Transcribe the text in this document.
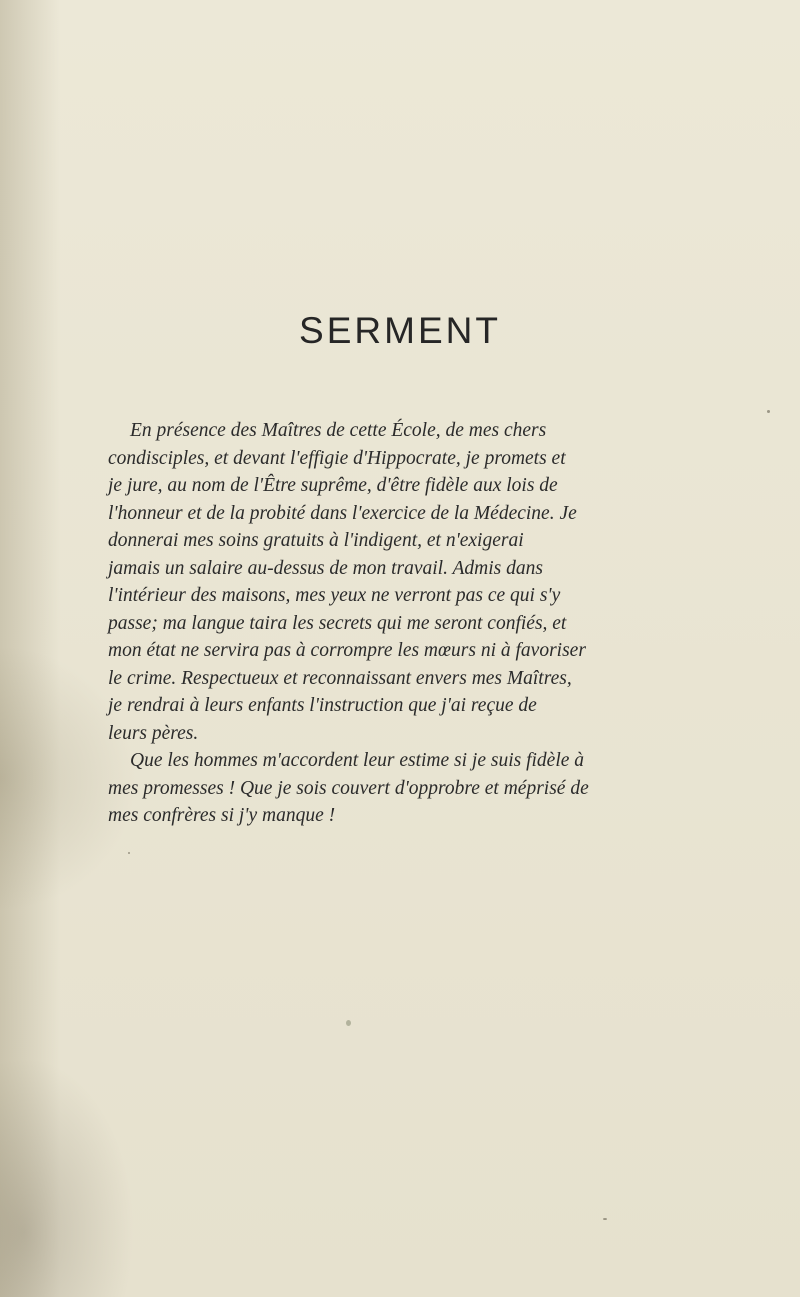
SERMENT

En présence des Maîtres de cette École, de mes chers
condisciples, et devant l'effigie d'Hippocrate, je promets et
je jure, au nom de l'Être suprême, d'être fidèle aux lois de
l'honneur et de la probité dans l'exercice de la Médecine. Je
donnerai mes soins gratuits à l'indigent, et n'exigerai
jamais un salaire au-dessus de mon travail. Admis dans
l'intérieur des maisons, mes yeux ne verront pas ce qui s'y
passe; ma langue taira les secrets qui me seront confiés, et
mon état ne servira pas à corrompre les mœurs ni à favoriser
le crime. Respectueux et reconnaissant envers mes Maîtres,
je rendrai à leurs enfants l'instruction que j'ai reçue de
leurs pères.

Que les hommes m'accordent leur estime si je suis fidèle à
mes promesses ! Que je sois couvert d'opprobre et méprisé de
mes confrères si j'y manque !
